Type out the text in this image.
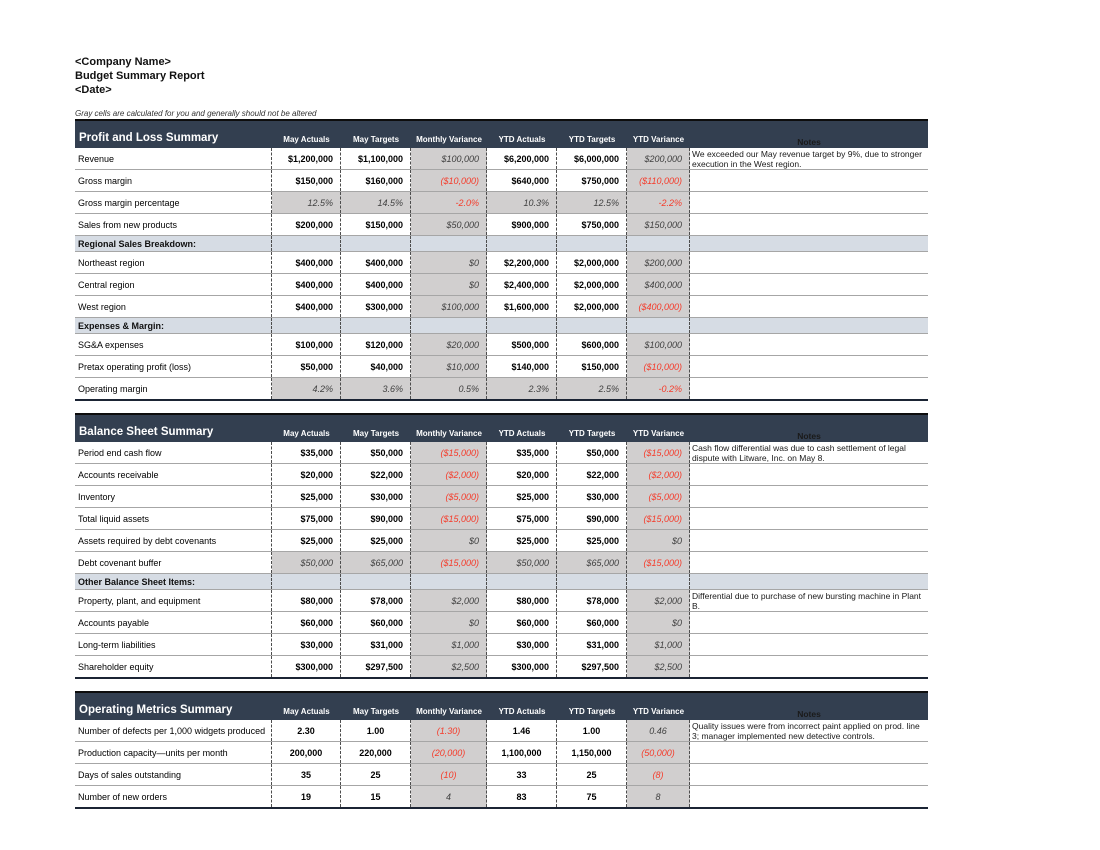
<Company Name>
Budget Summary Report
<Date>
Gray cells are calculated for you and generally should not be altered
Profit and Loss Summary	May Actuals	May Targets	Monthly Variance	YTD Actuals	YTD Targets	YTD Variance	Notes
Revenue	$1,200,000	$1,100,000	$100,000	$6,200,000	$6,000,000	$200,000	We exceeded our May revenue target by 9%, due to stronger execution in the West region.
Gross margin	$150,000	$160,000	($10,000)	$640,000	$750,000	($110,000)
Gross margin percentage	12.5%	14.5%	-2.0%	10.3%	12.5%	-2.2%
Sales from new products	$200,000	$150,000	$50,000	$900,000	$750,000	$150,000
Regional Sales Breakdown:
Northeast region	$400,000	$400,000	$0	$2,200,000	$2,000,000	$200,000
Central region	$400,000	$400,000	$0	$2,400,000	$2,000,000	$400,000
West region	$400,000	$300,000	$100,000	$1,600,000	$2,000,000	($400,000)
Expenses & Margin:
SG&A expenses	$100,000	$120,000	$20,000	$500,000	$600,000	$100,000
Pretax operating profit (loss)	$50,000	$40,000	$10,000	$140,000	$150,000	($10,000)
Operating margin	4.2%	3.6%	0.5%	2.3%	2.5%	-0.2%
Balance Sheet Summary	May Actuals	May Targets	Monthly Variance	YTD Actuals	YTD Targets	YTD Variance	Notes
Period end cash flow	$35,000	$50,000	($15,000)	$35,000	$50,000	($15,000)	Cash flow differential was due to cash settlement of legal dispute with Litware, Inc. on May 8.
Accounts receivable	$20,000	$22,000	($2,000)	$20,000	$22,000	($2,000)
Inventory	$25,000	$30,000	($5,000)	$25,000	$30,000	($5,000)
Total liquid assets	$75,000	$90,000	($15,000)	$75,000	$90,000	($15,000)
Assets required by debt covenants	$25,000	$25,000	$0	$25,000	$25,000	$0
Debt covenant buffer	$50,000	$65,000	($15,000)	$50,000	$65,000	($15,000)
Other Balance Sheet Items:
Property, plant, and equipment	$80,000	$78,000	$2,000	$80,000	$78,000	$2,000	Differential due to purchase of new bursting machine in Plant B.
Accounts payable	$60,000	$60,000	$0	$60,000	$60,000	$0
Long-term liabilities	$30,000	$31,000	$1,000	$30,000	$31,000	$1,000
Shareholder equity	$300,000	$297,500	$2,500	$300,000	$297,500	$2,500
Operating Metrics Summary	May Actuals	May Targets	Monthly Variance	YTD Actuals	YTD Targets	YTD Variance	Notes
Number of defects per 1,000 widgets produced	2.30	1.00	(1.30)	1.46	1.00	0.46	Quality issues were from incorrect paint applied on prod. line 3; manager implemented new detective controls.
Production capacity—units per month	200,000	220,000	(20,000)	1,100,000	1,150,000	(50,000)
Days of sales outstanding	35	25	(10)	33	25	(8)
Number of new orders	19	15	4	83	75	8
